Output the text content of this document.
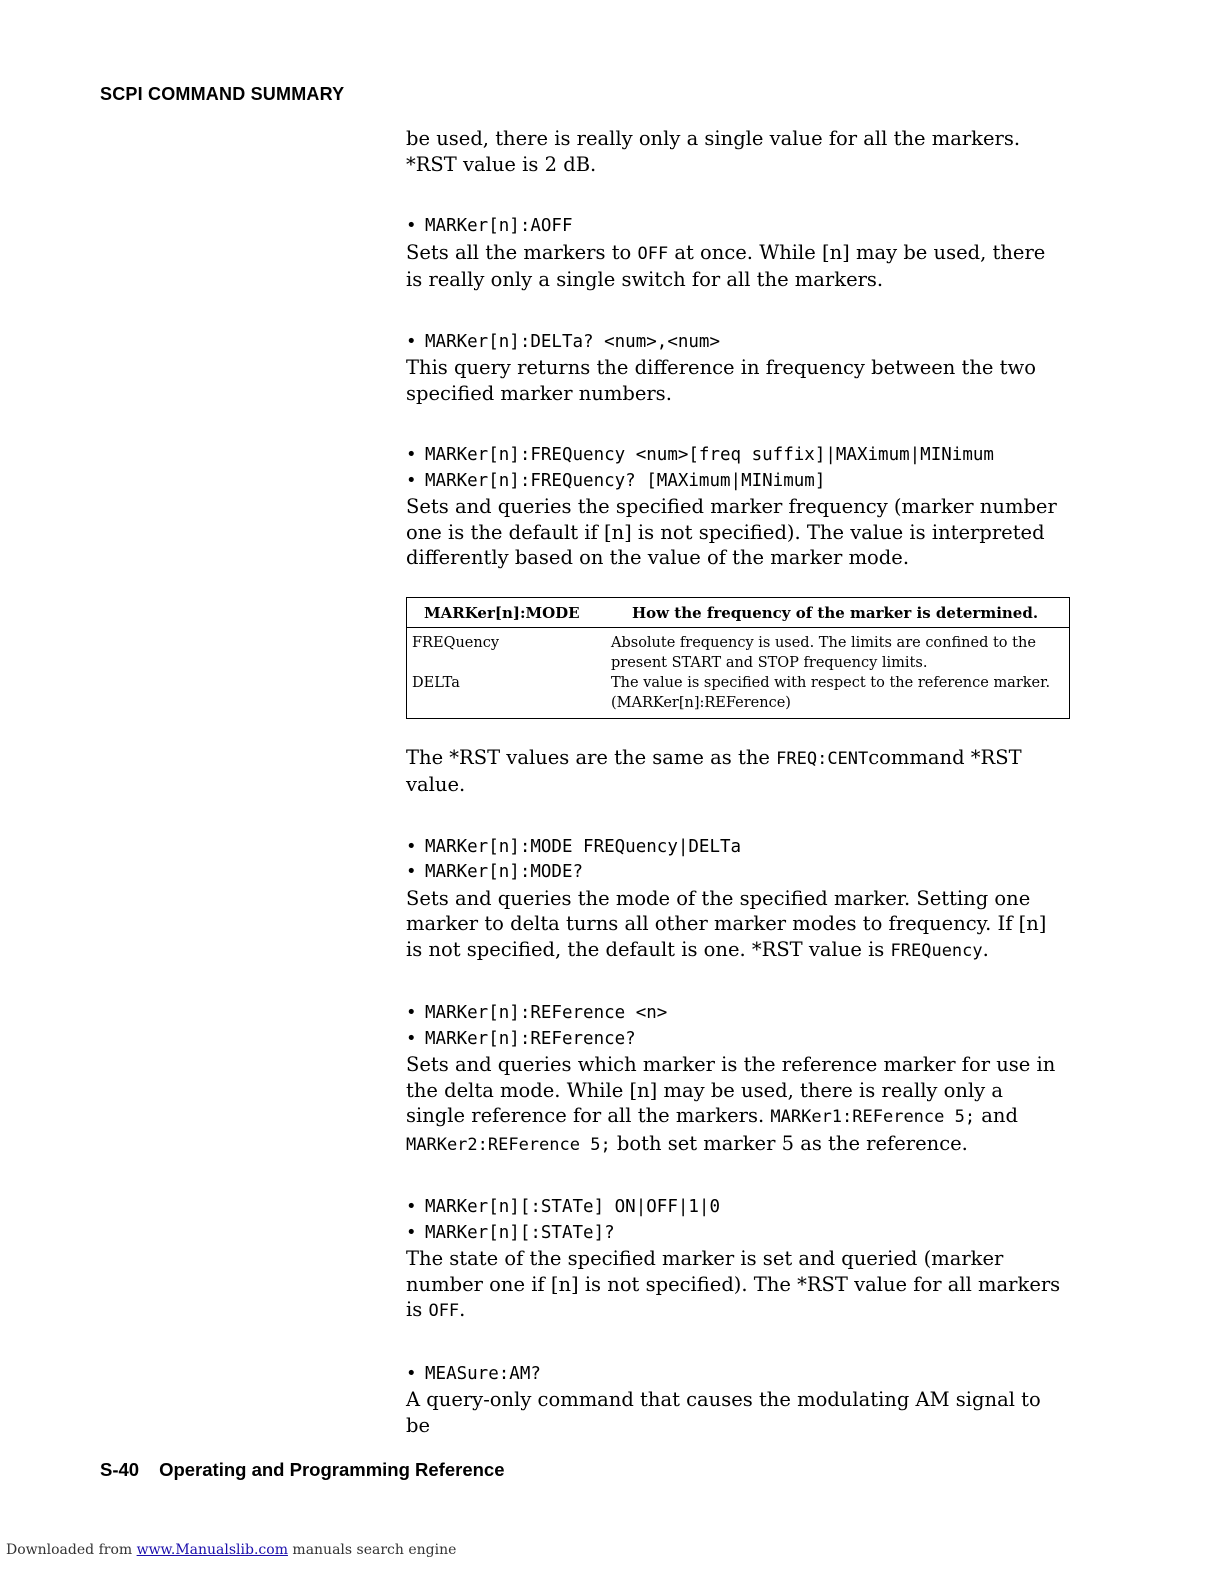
SCPI COMMAND SUMMARY

be used, there is really only a single value for all the markers.
*RST value is 2 dB.

• MARKer[n]:AOFF

Sets all the markers to OFF at once. While [n] may be used, there is really only a single switch for all the markers.

• MARKer[n]:DELTa? <num>,<num>

This query returns the difference in frequency between the two specified marker numbers.

• MARKer[n]:FREQuency <num>[freq suffix]|MAXimum|MINimum
• MARKer[n]:FREQuency? [MAXimum|MINimum]

Sets and queries the specified marker frequency (marker number one is the default if [n] is not specified). The value is interpreted differently based on the value of the marker mode.

MARKer[n]:MODE	How the frequency of the marker is determined.
FREQuency	Absolute frequency is used. The limits are confined to the present START and STOP frequency limits.
DELTa	The value is specified with respect to the reference marker. (MARKer[n]:REFerence)

The *RST values are the same as the FREQ:CENTcommand *RST value.

• MARKer[n]:MODE FREQuency|DELTa
• MARKer[n]:MODE?

Sets and queries the mode of the specified marker. Setting one marker to delta turns all other marker modes to frequency. If [n] is not specified, the default is one. *RST value is FREQuency.

• MARKer[n]:REFerence <n>
• MARKer[n]:REFerence?

Sets and queries which marker is the reference marker for use in the delta mode. While [n] may be used, there is really only a single reference for all the markers. MARKer1:REFerence 5; and MARKer2:REFerence 5; both set marker 5 as the reference.

• MARKer[n][:STATe] ON|OFF|1|0
• MARKer[n][:STATe]?

The state of the specified marker is set and queried (marker number one if [n] is not specified). The *RST value for all markers is OFF.

• MEASure:AM?

A query-only command that causes the modulating AM signal to be

S-40 Operating and Programming Reference
Downloaded from www.Manualslib.com manuals search engine
